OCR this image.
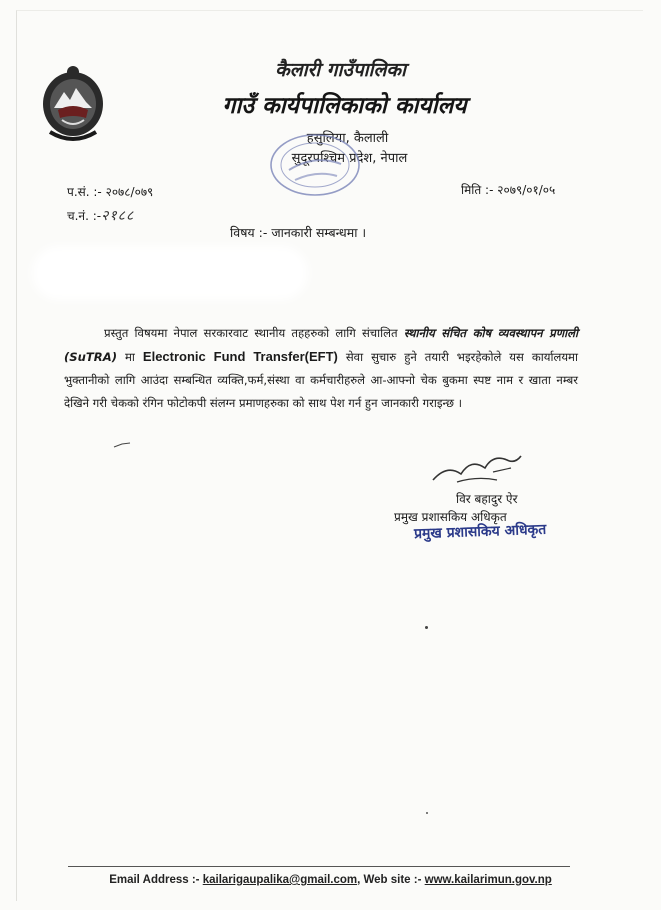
कैलारी गाउँपालिका
गाउँ कार्यपालिकाको कार्यालय
हसुलिया, कैलाली
सुदूरपश्चिम प्रदेश, नेपाल
प.सं. :- २०७८/०७९
च.नं. :-२१८८
मिति :- २०७९/०१/०५
विषय :- जानकारी सम्बन्धमा ।
प्रस्तुत विषयमा नेपाल सरकारवाट स्थानीय तहहरुको लागि संचालित स्थानीय संचित कोष व्यवस्थापन प्रणाली (SuTRA) मा Electronic Fund Transfer(EFT) सेवा सुचारु हुने तयारी भइरहेकोले यस कार्यालयमा भुक्तानीको लागि आउंदा सम्बन्धित व्यक्ति,फर्म,संस्था वा कर्मचारीहरुले आ-आफ्नो चेक बुकमा स्पष्ट नाम र खाता नम्बर देखिने गरी चेकको रंगिन फोटोकपी संलग्न प्रमाणहरुका को साथ पेश गर्न हुन जानकारी गराइन्छ ।
विर बहादुर ऐर
प्रमुख प्रशासकिय अधिकृत
प्रमुख प्रशासकिय अधिकृत
Email Address :- kailarigaupalika@gmail.com, Web site :- www.kailarimun.gov.np
